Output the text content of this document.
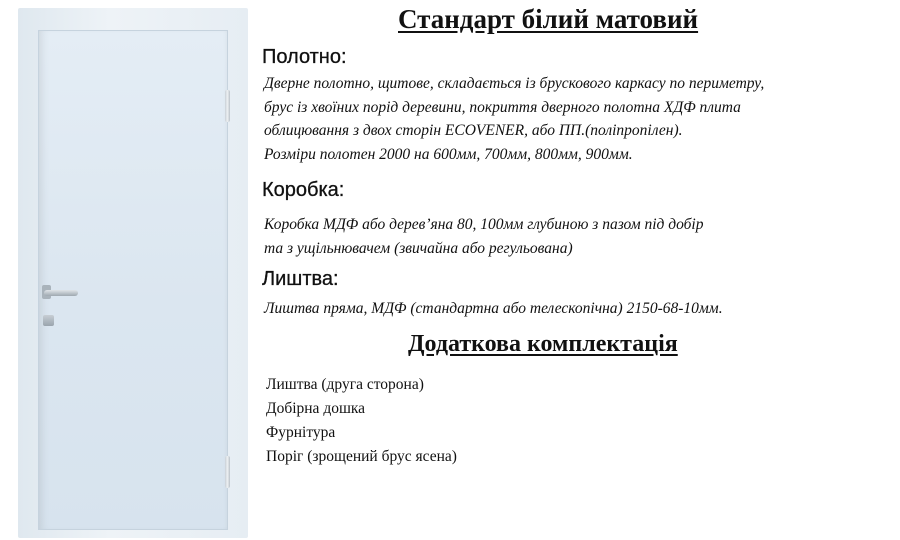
Стандарт білий матовий
Полотно:

Дверне полотно, щитове, складається із брускового каркасу по периметру,
брус із хвоїних порід деревини, покриття дверного полотна ХДФ плита
облицювання з двох сторін ECOVENER, або ПП.(поліпропілен).
Розміри полотен 2000 на 600мм, 700мм, 800мм, 900мм.

Коробка:

Коробка МДФ або дерев’яна 80, 100мм глубиною з пазом під добір
та з ущільнювачем (звичайна або регульована)

Лиштва:

Лиштва пряма, МДФ (стандартна або телескопічна) 2150-68-10мм.

Додаткова комплектація
Лиштва (друга сторона)
Добірна дошка
Фурнітура
Поріг (зрощений брус ясена)
